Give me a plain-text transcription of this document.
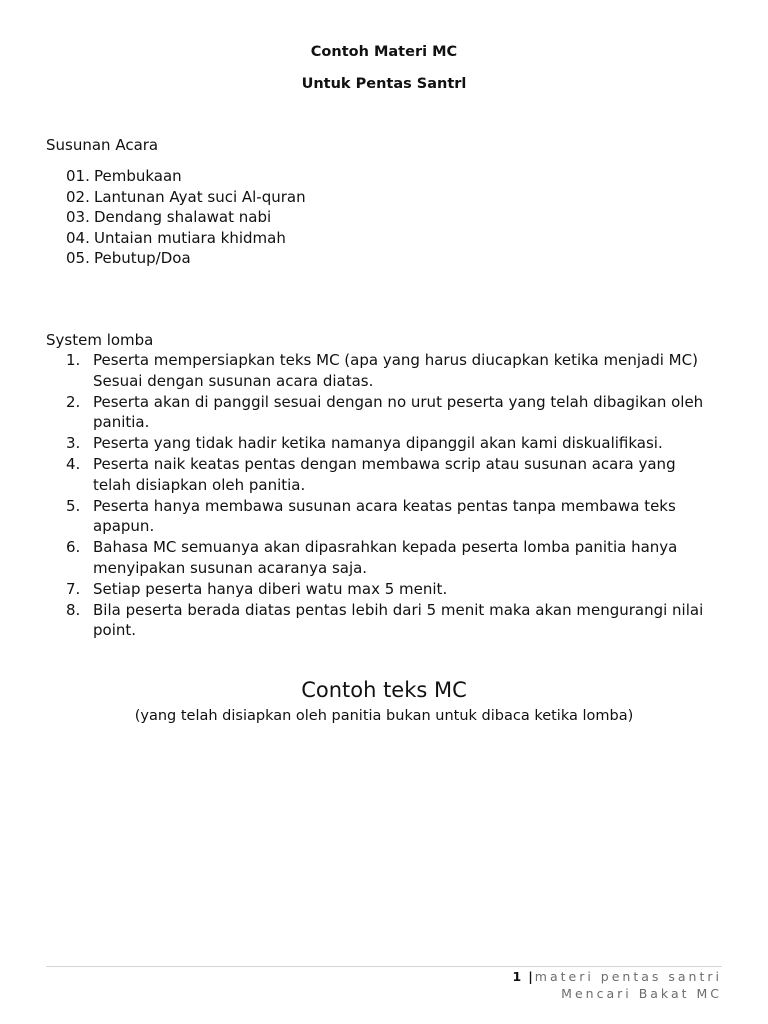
Contoh Materi MC
Untuk Pentas Santrl
Susunan Acara
01. Pembukaan
02. Lantunan Ayat suci Al-quran
03. Dendang shalawat nabi
04. Untaian mutiara khidmah
05. Pebutup/Doa
System lomba
1. Peserta mempersiapkan teks MC (apa yang harus diucapkan ketika menjadi MC) Sesuai dengan susunan acara diatas.
2. Peserta akan di panggil sesuai dengan no urut peserta yang telah dibagikan oleh panitia.
3. Peserta yang tidak hadir ketika namanya dipanggil akan kami diskualifikasi.
4. Peserta naik keatas pentas dengan membawa scrip atau susunan acara yang telah disiapkan oleh panitia.
5. Peserta hanya membawa susunan acara keatas pentas tanpa membawa teks apapun.
6. Bahasa MC semuanya akan dipasrahkan kepada peserta lomba panitia hanya menyipakan susunan acaranya saja.
7. Setiap peserta hanya diberi watu max 5 menit.
8. Bila peserta berada diatas pentas lebih dari 5 menit maka akan mengurangi nilai point.
Contoh teks MC
(yang telah disiapkan oleh panitia bukan untuk dibaca ketika lomba)
1 | materi pentas santri
Mencari Bakat MC
